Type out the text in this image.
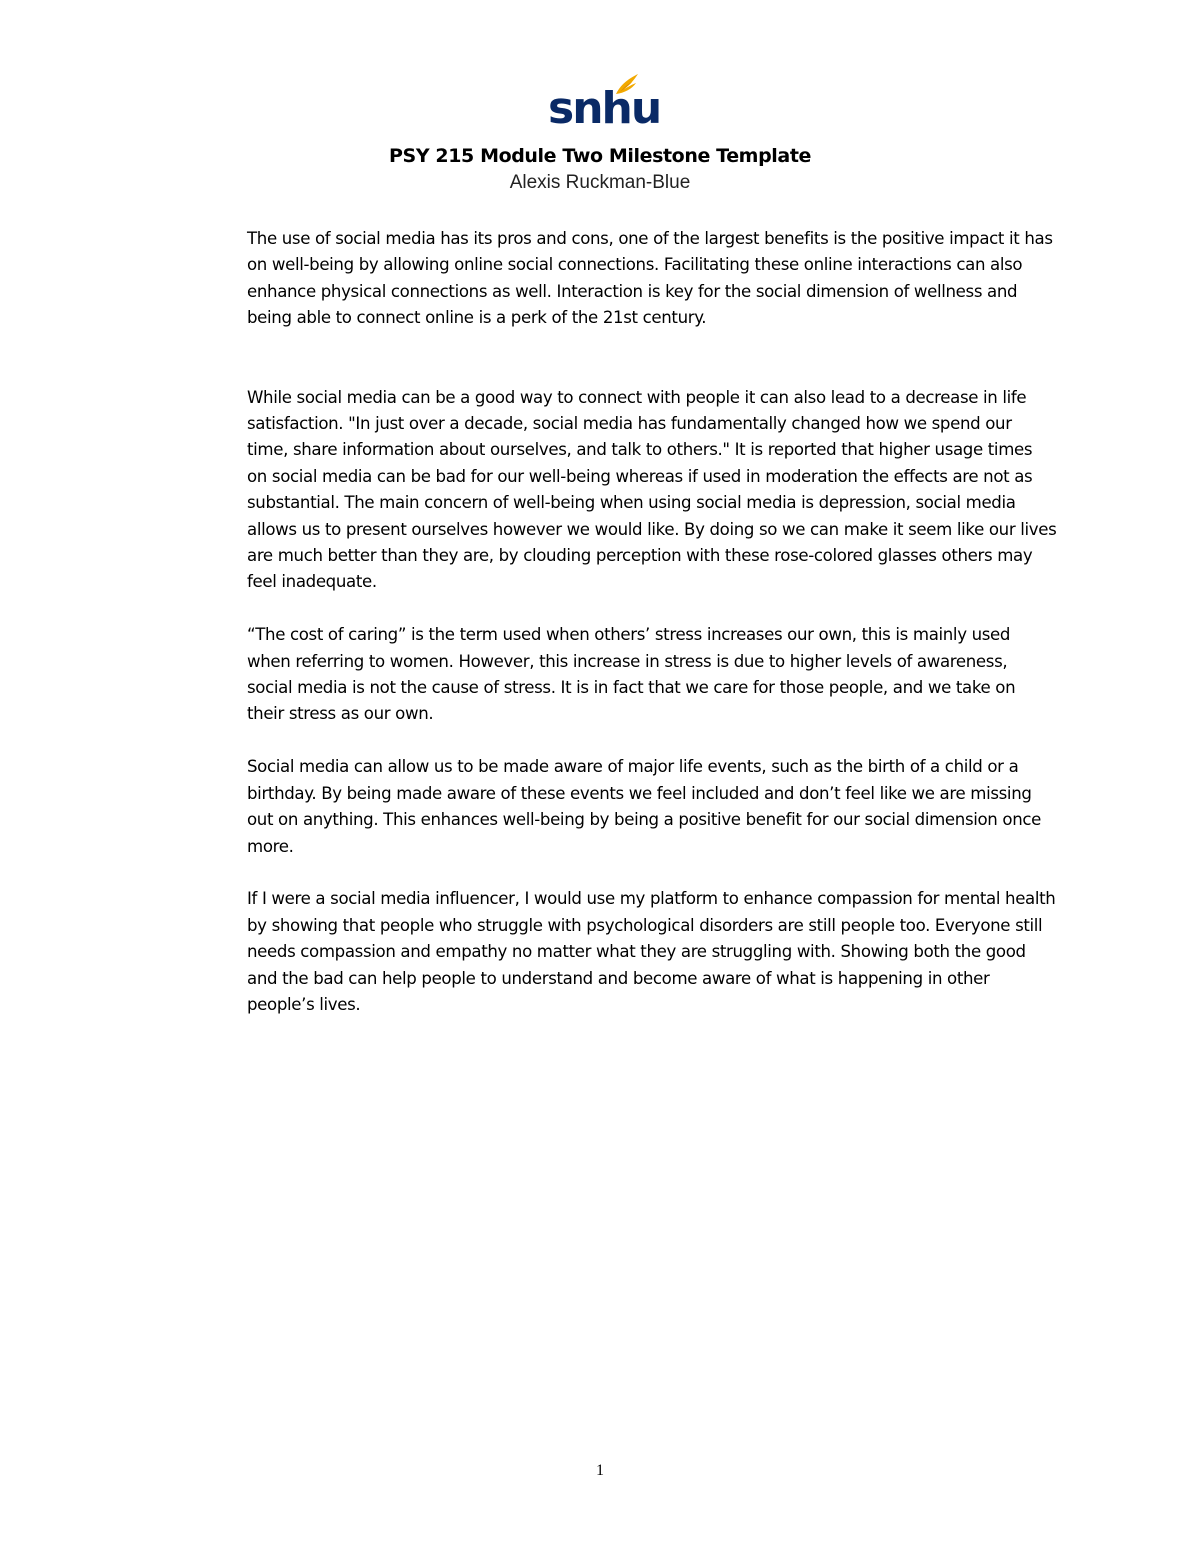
snhu
PSY 215 Module Two Milestone Template
Alexis Ruckman-Blue

The use of social media has its pros and cons, one of the largest benefits is the positive impact it has on well-being by allowing online social connections. Facilitating these online interactions can also enhance physical connections as well. Interaction is key for the social dimension of wellness and being able to connect online is a perk of the 21st century.

While social media can be a good way to connect with people it can also lead to a decrease in life satisfaction. "In just over a decade, social media has fundamentally changed how we spend our time, share information about ourselves, and talk to others." It is reported that higher usage times on social media can be bad for our well-being whereas if used in moderation the effects are not as substantial. The main concern of well-being when using social media is depression, social media allows us to present ourselves however we would like. By doing so we can make it seem like our lives are much better than they are, by clouding perception with these rose-colored glasses others may feel inadequate.

“The cost of caring” is the term used when others’ stress increases our own, this is mainly used when referring to women. However, this increase in stress is due to higher levels of awareness, social media is not the cause of stress. It is in fact that we care for those people, and we take on their stress as our own.

Social media can allow us to be made aware of major life events, such as the birth of a child or a birthday. By being made aware of these events we feel included and don’t feel like we are missing out on anything. This enhances well-being by being a positive benefit for our social dimension once more.

If I were a social media influencer, I would use my platform to enhance compassion for mental health by showing that people who struggle with psychological disorders are still people too. Everyone still needs compassion and empathy no matter what they are struggling with. Showing both the good and the bad can help people to understand and become aware of what is happening in other people’s lives.

1
